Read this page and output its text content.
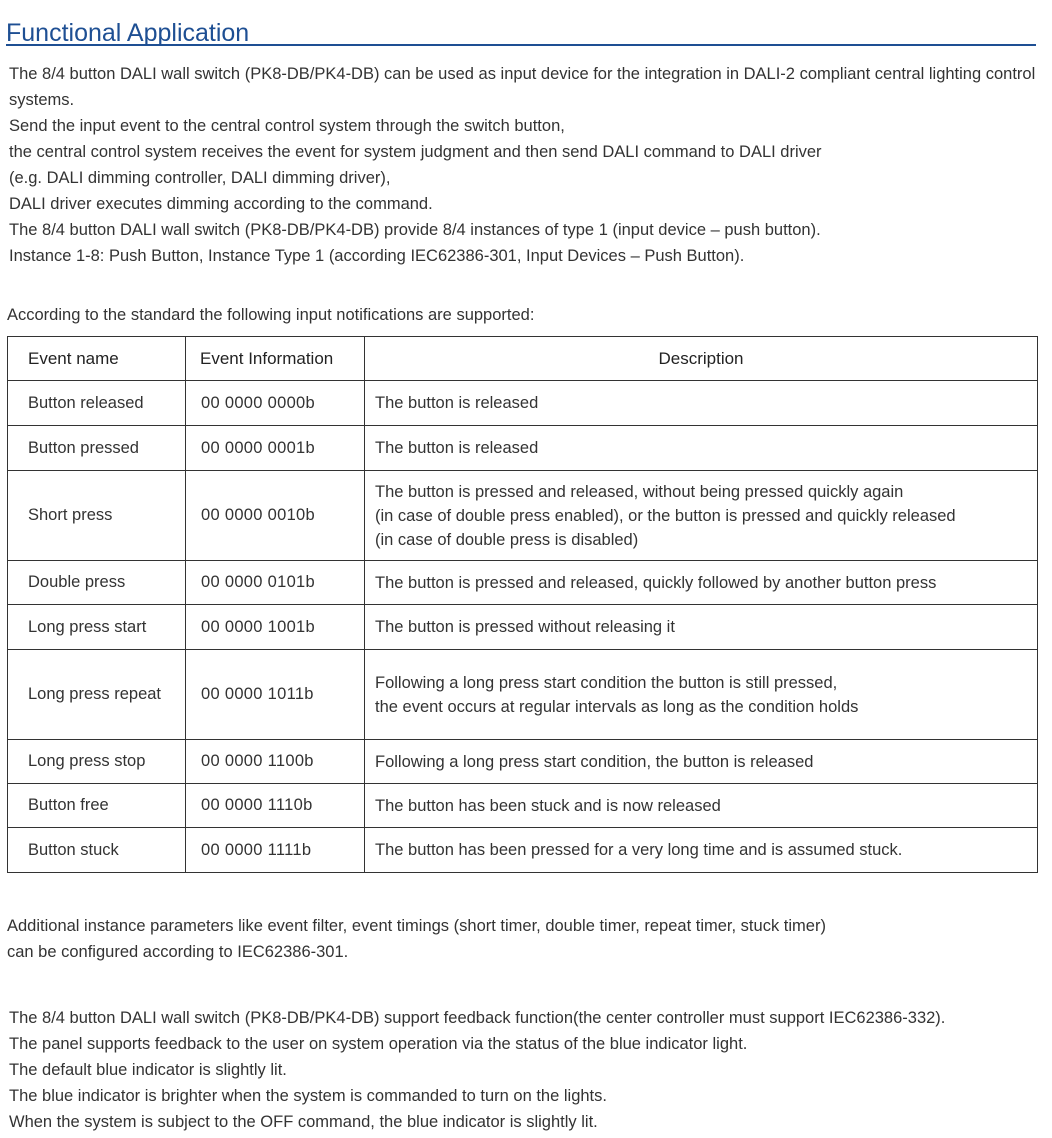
Functional Application
The 8/4 button DALI wall switch (PK8-DB/PK4-DB) can be used as input device for the integration in DALI-2 compliant central lighting control systems.
Send the input event to the central control system through the switch button,
the central control system receives the event for system judgment and then send DALI command to DALI driver
(e.g. DALI dimming controller, DALI dimming driver),
DALI driver executes dimming according to the command.
The 8/4 button DALI wall switch (PK8-DB/PK4-DB) provide 8/4 instances of type 1 (input device – push button).
Instance 1-8: Push Button, Instance Type 1 (according IEC62386-301, Input Devices – Push Button).
According to the standard the following input notifications are supported:
Event name	Event Information	Description
Button released	00 0000 0000b	The button is released

Button pressed	00 0000 0001b	The button is released

Short press	00 0000 0010b	The button is pressed and released, without being pressed quickly again
(in case of double press enabled), or the button is pressed and quickly released
(in case of double press is disabled)

Double press	00 0000 0101b	The button is pressed and released, quickly followed by another button press

Long press start	00 0000 1001b	The button is pressed without releasing it

Long press repeat	00 0000 1011b	Following a long press start condition the button is still pressed,
the event occurs at regular intervals as long as the condition holds

Long press stop	00 0000 1100b	Following a long press start condition, the button is released

Button free	00 0000 1110b	The button has been stuck and is now released

Button stuck	00 0000 1111b	The button has been pressed for a very long time and is assumed stuck.
Additional instance parameters like event filter, event timings (short timer, double timer, repeat timer, stuck timer)
can be configured according to IEC62386-301.
The 8/4 button DALI wall switch (PK8-DB/PK4-DB) support feedback function(the center controller must support IEC62386-332).
The panel supports feedback to the user on system operation via the status of the blue indicator light.
The default blue indicator is slightly lit.
The blue indicator is brighter when the system is commanded to turn on the lights.
When the system is subject to the OFF command, the blue indicator is slightly lit.
